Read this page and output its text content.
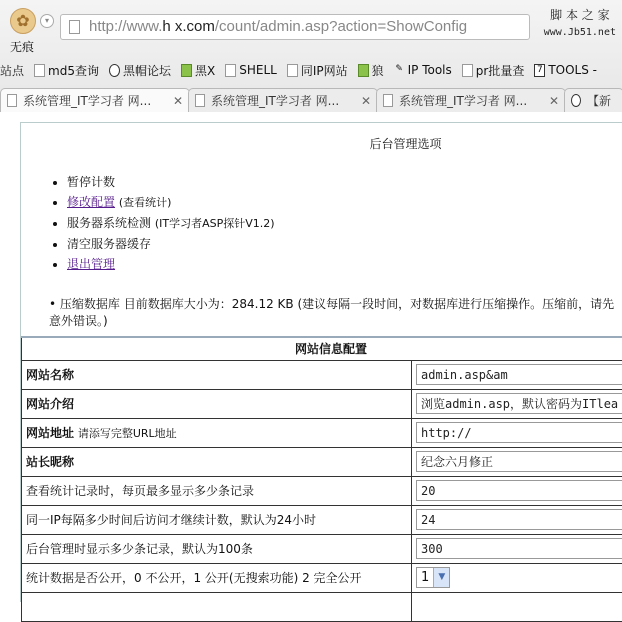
✿	▾
无痕
http://www.h x.com/count/admin.asp?action=ShowConfig
脚 本 之 家
www.Jb51.net
站点 md5查询 黑帽论坛 黑X SHELL 同IP网站 狼 ✎ IP Tools pr批量查 7 TOOLS -
系统管理_IT学习者 网...	✕ 系统管理_IT学习者 网...	✕ 系统管理_IT学习者 网...	✕ 【新
后台管理选项
• 暂停计数
• 修改配置 (查看统计)
• 服务器系统检测 (IT学习者ASP探针V1.2)
• 清空服务器缓存
• 退出管理
• 压缩数据库 目前数据库大小为：284.12 KB (建议每隔一段时间，对数据库进行压缩操作。压缩前，请先
意外错误。)
网站信息配置	
网站名称	admin.asp&am
网站介绍	浏览admin.asp，默认密码为ITlea
网站地址 请添写完整URL地址	http://
站长昵称	纪念六月修正
查看统计记录时，每页最多显示多少条记录	20
同一IP每隔多少时间后访问才继续计数，默认为24小时	24
后台管理时显示多少条记录，默认为100条	300
统计数据是否公开，0 不公开，1 公开(无搜索功能) 2 完全公开	1 ▼
